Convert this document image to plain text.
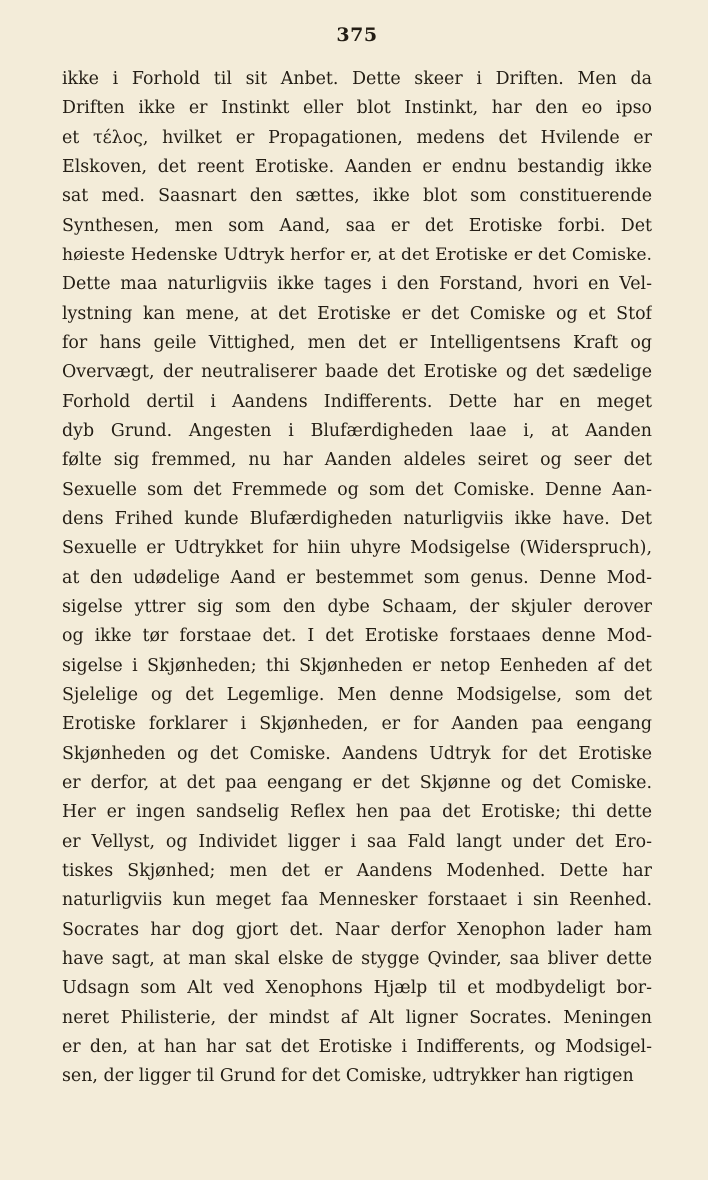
375
ikke i Forhold til sit Anbet. Dette skeer i Driften. Men da
Driften ikke er Instinkt eller blot Instinkt, har den eo ipso
et τέλος, hvilket er Propagationen, medens det Hvilende er
Elskoven, det reent Erotiske. Aanden er endnu bestandig ikke
sat med. Saasnart den sættes, ikke blot som constituerende
Synthesen, men som Aand, saa er det Erotiske forbi. Det
høieste Hedenske Udtryk herfor er, at det Erotiske er det Comiske.
Dette maa naturligviis ikke tages i den Forstand, hvori en Vel-
lystning kan mene, at det Erotiske er det Comiske og et Stof
for hans geile Vittighed, men det er Intelligentsens Kraft og
Overvægt, der neutraliserer baade det Erotiske og det sædelige
Forhold dertil i Aandens Indifferents. Dette har en meget
dyb Grund. Angesten i Blufærdigheden laae i, at Aanden
følte sig fremmed, nu har Aanden aldeles seiret og seer det
Sexuelle som det Fremmede og som det Comiske. Denne Aan-
dens Frihed kunde Blufærdigheden naturligviis ikke have. Det
Sexuelle er Udtrykket for hiin uhyre Modsigelse (Widerspruch),
at den udødelige Aand er bestemmet som genus. Denne Mod-
sigelse yttrer sig som den dybe Schaam, der skjuler derover
og ikke tør forstaae det. I det Erotiske forstaaes denne Mod-
sigelse i Skjønheden; thi Skjønheden er netop Eenheden af det
Sjelelige og det Legemlige. Men denne Modsigelse, som det
Erotiske forklarer i Skjønheden, er for Aanden paa eengang
Skjønheden og det Comiske. Aandens Udtryk for det Erotiske
er derfor, at det paa eengang er det Skjønne og det Comiske.
Her er ingen sandselig Reflex hen paa det Erotiske; thi dette
er Vellyst, og Individet ligger i saa Fald langt under det Ero-
tiskes Skjønhed; men det er Aandens Modenhed. Dette har
naturligviis kun meget faa Mennesker forstaaet i sin Reenhed.
Socrates har dog gjort det. Naar derfor Xenophon lader ham
have sagt, at man skal elske de stygge Qvinder, saa bliver dette
Udsagn som Alt ved Xenophons Hjælp til et modbydeligt bor-
neret Philisterie, der mindst af Alt ligner Socrates. Meningen
er den, at han har sat det Erotiske i Indifferents, og Modsigel-
sen, der ligger til Grund for det Comiske, udtrykker han rigtigen
